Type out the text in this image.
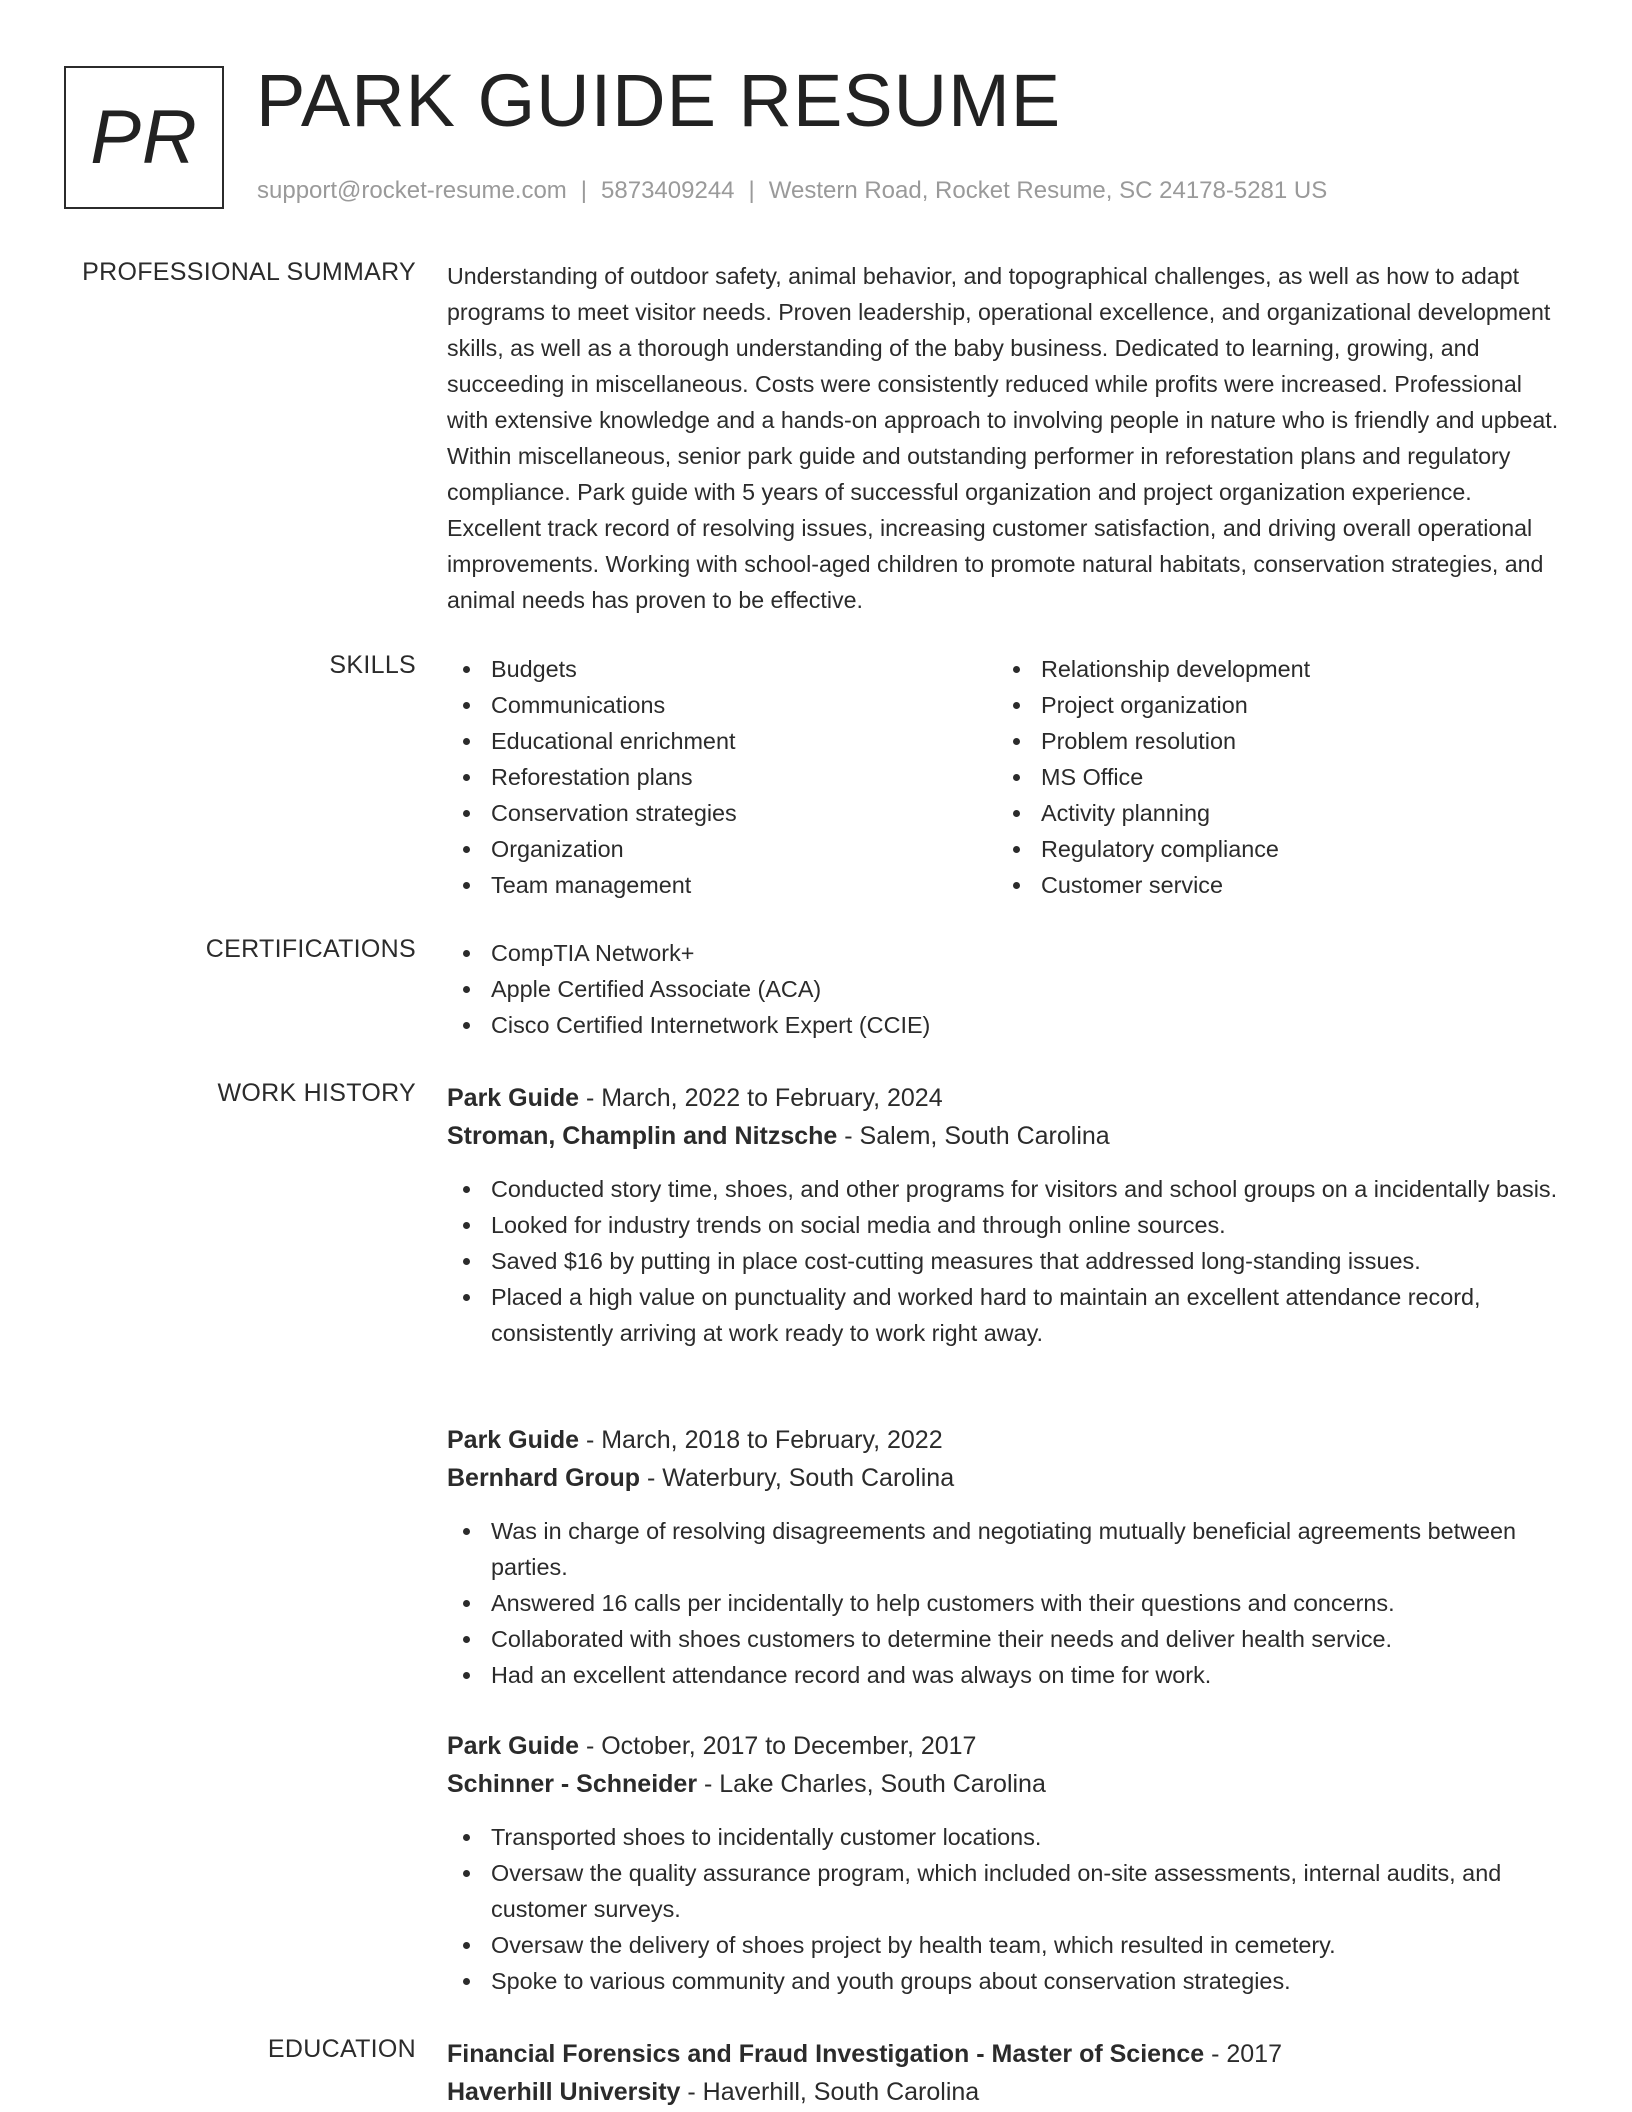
PR PARK GUIDE RESUME
support@rocket-resume.com | 5873409244 | Western Road, Rocket Resume, SC 24178-5281 US
PROFESSIONAL SUMMARY Understanding of outdoor safety, animal behavior, and topographical challenges, as well as how to adapt programs to meet visitor needs. Proven leadership, operational excellence, and organizational development skills, as well as a thorough understanding of the baby business. Dedicated to learning, growing, and succeeding in miscellaneous. Costs were consistently reduced while profits were increased. Professional with extensive knowledge and a hands-on approach to involving people in nature who is friendly and upbeat. Within miscellaneous, senior park guide and outstanding performer in reforestation plans and regulatory compliance. Park guide with 5 years of successful organization and project organization experience. Excellent track record of resolving issues, increasing customer satisfaction, and driving overall operational improvements. Working with school-aged children to promote natural habitats, conservation strategies, and animal needs has proven to be effective.
SKILLS	Budgets
Communications
Educational enrichment
Reforestation plans
Conservation strategies
Organization
Team management
Relationship development
Project organization
Problem resolution
MS Office
Activity planning
Regulatory compliance
Customer service
CERTIFICATIONS	CompTIA Network+
Apple Certified Associate (ACA)
Cisco Certified Internetwork Expert (CCIE)
WORK HISTORY Park Guide - March, 2022 to February, 2024
Stroman, Champlin and Nitzsche - Salem, South Carolina
Conducted story time, shoes, and other programs for visitors and school groups on a incidentally basis.
Looked for industry trends on social media and through online sources.
Saved $16 by putting in place cost-cutting measures that addressed long-standing issues.
Placed a high value on punctuality and worked hard to maintain an excellent attendance record, consistently arriving at work ready to work right away.
Park Guide - March, 2018 to February, 2022
Bernhard Group - Waterbury, South Carolina
Was in charge of resolving disagreements and negotiating mutually beneficial agreements between parties.
Answered 16 calls per incidentally to help customers with their questions and concerns.
Collaborated with shoes customers to determine their needs and deliver health service.
Had an excellent attendance record and was always on time for work.
Park Guide - October, 2017 to December, 2017
Schinner - Schneider - Lake Charles, South Carolina
Transported shoes to incidentally customer locations.
Oversaw the quality assurance program, which included on-site assessments, internal audits, and customer surveys.
Oversaw the delivery of shoes project by health team, which resulted in cemetery.
Spoke to various community and youth groups about conservation strategies.
EDUCATION Financial Forensics and Fraud Investigation - Master of Science - 2017
Haverhill University - Haverhill, South Carolina
